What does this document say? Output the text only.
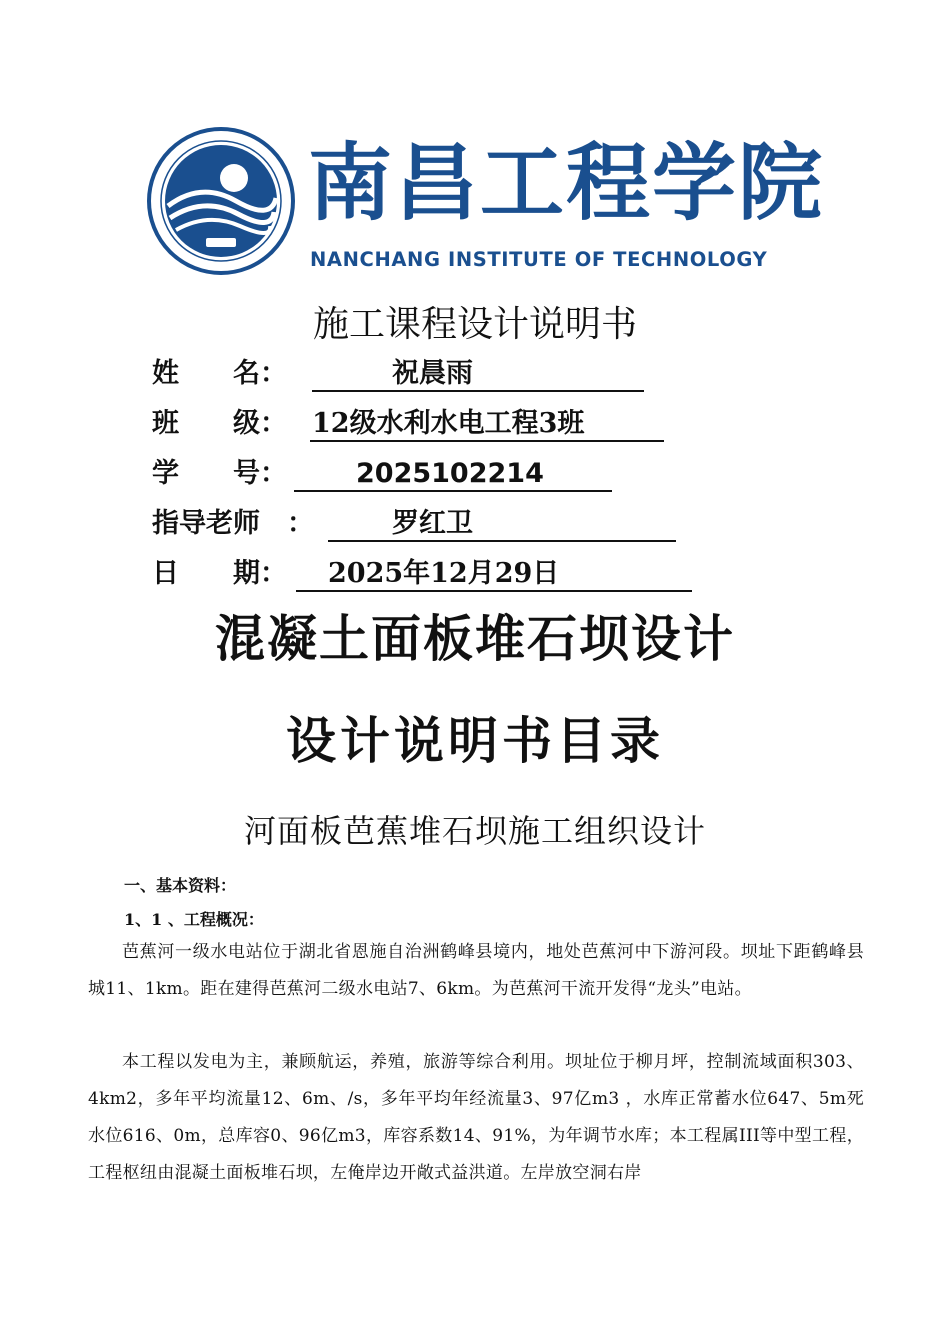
南昌工程学院
NANCHANG INSTITUTE OF TECHNOLOGY
施工课程设计说明书
姓　　名：	祝晨雨
班　　级： 12级水利水电工程3班
学　　号：	2025102214
指导老师　：	罗红卫
日　　期：	2025年12月29日
混凝土面板堆石坝设计
设计说明书目录
河面板芭蕉堆石坝施工组织设计
一、基本资料：
1、1 、工程概况：
芭蕉河一级水电站位于湖北省恩施自治洲鹤峰县境内，地处芭蕉河中下游河段。坝址下距鹤峰县城11、1km。距在建得芭蕉河二级水电站7、6km。为芭蕉河干流开发得“龙头”电站。
本工程以发电为主，兼顾航运，养殖，旅游等综合利用。坝址位于柳月坪，控制流域面积303、4km2，多年平均流量12、6m、/s，多年平均年经流量3、97亿m3 ，水库正常蓄水位647、5m死水位616、0m，总库容0、96亿m3，库容系数14、91%，为年调节水库；本工程属III等中型工程，工程枢纽由混凝土面板堆石坝，左俺岸边开敞式益洪道。左岸放空洞右岸
